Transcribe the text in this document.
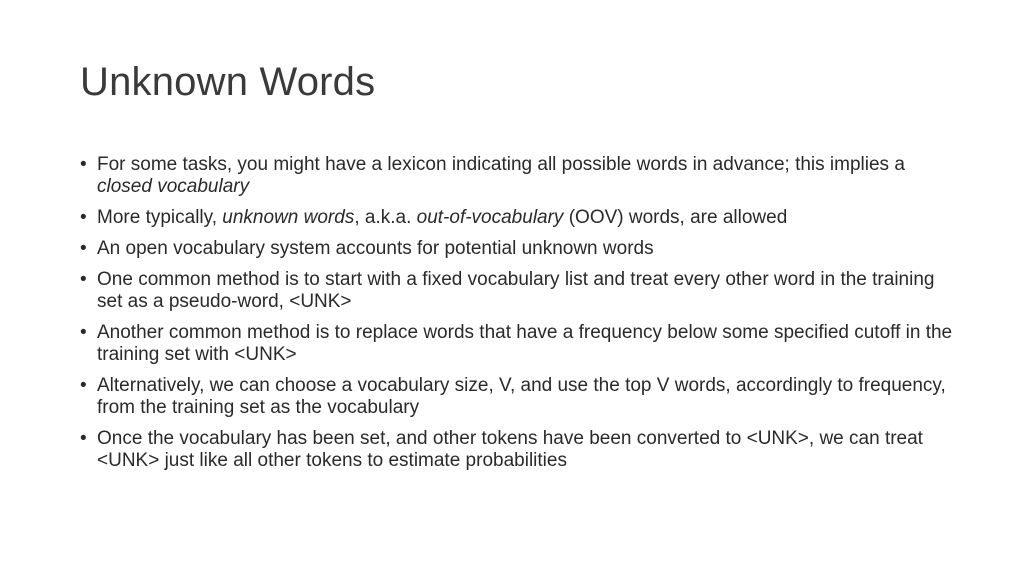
Unknown Words
• For some tasks, you might have a lexicon indicating all possible words in advance; this implies a closed vocabulary
• More typically, unknown words, a.k.a. out-of-vocabulary (OOV) words, are allowed
• An open vocabulary system accounts for potential unknown words
• One common method is to start with a fixed vocabulary list and treat every other word in the training set as a pseudo-word, <UNK>
• Another common method is to replace words that have a frequency below some specified cutoff in the training set with <UNK>
• Alternatively, we can choose a vocabulary size, V, and use the top V words, accordingly to frequency, from the training set as the vocabulary
• Once the vocabulary has been set, and other tokens have been converted to <UNK>, we can treat <UNK> just like all other tokens to estimate probabilities
